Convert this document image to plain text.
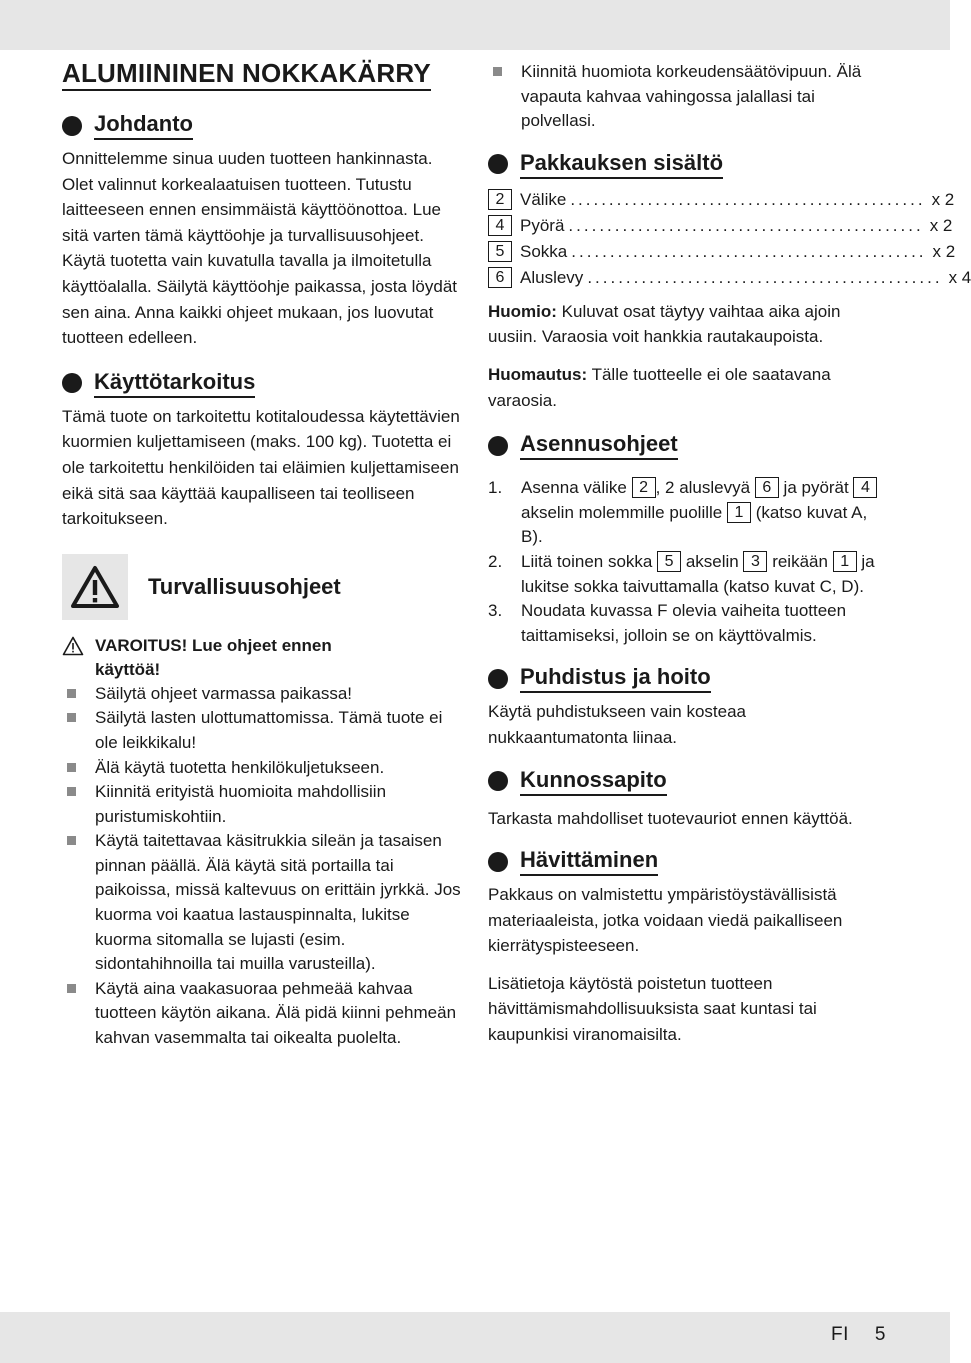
ALUMIININEN NOKKAKÄRRY
Johdanto

Onnittelemme sinua uuden tuotteen hankinnasta. Olet valinnut korkealaatuisen tuotteen. Tutustu laitteeseen ennen ensimmäistä käyttöönottoa. Lue sitä varten tämä käyttöohje ja turvallisuusohjeet. Käytä tuotetta vain kuvatulla tavalla ja ilmoitetulla käyttöalalla. Säilytä käyttöohje paikassa, josta löydät sen aina. Anna kaikki ohjeet mukaan, jos luovutat tuotteen edelleen.

Käyttötarkoitus

Tämä tuote on tarkoitettu kotitaloudessa käytettävien kuormien kuljettamiseen (maks. 100 kg). Tuotetta ei ole tarkoitettu henkilöiden tai eläimien kuljettamiseen eikä sitä saa käyttää kaupalliseen tai teolliseen tarkoitukseen.

Turvallisuusohjeet
VAROITUS! Lue ohjeet ennen
käyttöä!
Säilytä ohjeet varmassa paikassa!
Säilytä lasten ulottumattomissa. Tämä tuote ei ole leikkikalu!
Älä käytä tuotetta henkilökuljetukseen.
Kiinnitä erityistä huomioita mahdollisiin puristumiskohtiin.
Käytä taitettavaa käsitrukkia sileän ja tasaisen pinnan päällä. Älä käytä sitä portailla tai paikoissa, missä kaltevuus on erittäin jyrkkä. Jos kuorma voi kaatua lastauspinnalta, lukitse kuorma sitomalla se lujasti (esim. sidontahihnoilla tai muilla varusteilla).
Käytä aina vaakasuoraa pehmeää kahvaa tuotteen käytön aikana. Älä pidä kiinni pehmeän kahvan vasemmalta tai oikealta puolelta.
Kiinnitä huomiota korkeudensäätövipuun. Älä vapauta kahvaa vahingossa jalallasi tai polvellasi.
Pakkauksen sisältö
2 Välike .............................................. x 2
4 Pyörä .............................................. x 2
5 Sokka .............................................. x 2
6 Aluslevy .............................................. x 4

Huomio: Kuluvat osat täytyy vaihtaa aika ajoin uusiin. Varaosia voit hankkia rautakaupoista.

Huomautus: Tälle tuotteelle ei ole saatavana varaosia.

Asennusohjeet
1. Asenna välike 2 , 2 aluslevyä 6 ja pyörät 4 akselin molemmille puolille 1 (katso kuvat A, B).
2. Liitä toinen sokka 5 akselin 3 reikään 1 ja lukitse sokka taivuttamalla (katso kuvat C, D).
3. Noudata kuvassa F olevia vaiheita tuotteen taittamiseksi, jolloin se on käyttövalmis.
Puhdistus ja hoito

Käytä puhdistukseen vain kosteaa nukkaantumatonta liinaa.

Kunnossapito

Tarkasta mahdolliset tuotevauriot ennen käyttöä.

Hävittäminen

Pakkaus on valmistettu ympäristöystävällisistä materiaaleista, jotka voidaan viedä paikalliseen kierrätyspisteeseen.

Lisätietoja käytöstä poistetun tuotteen hävittämismahdollisuuksista saat kuntasi tai kaupunkisi viranomaisilta.

FI 5
